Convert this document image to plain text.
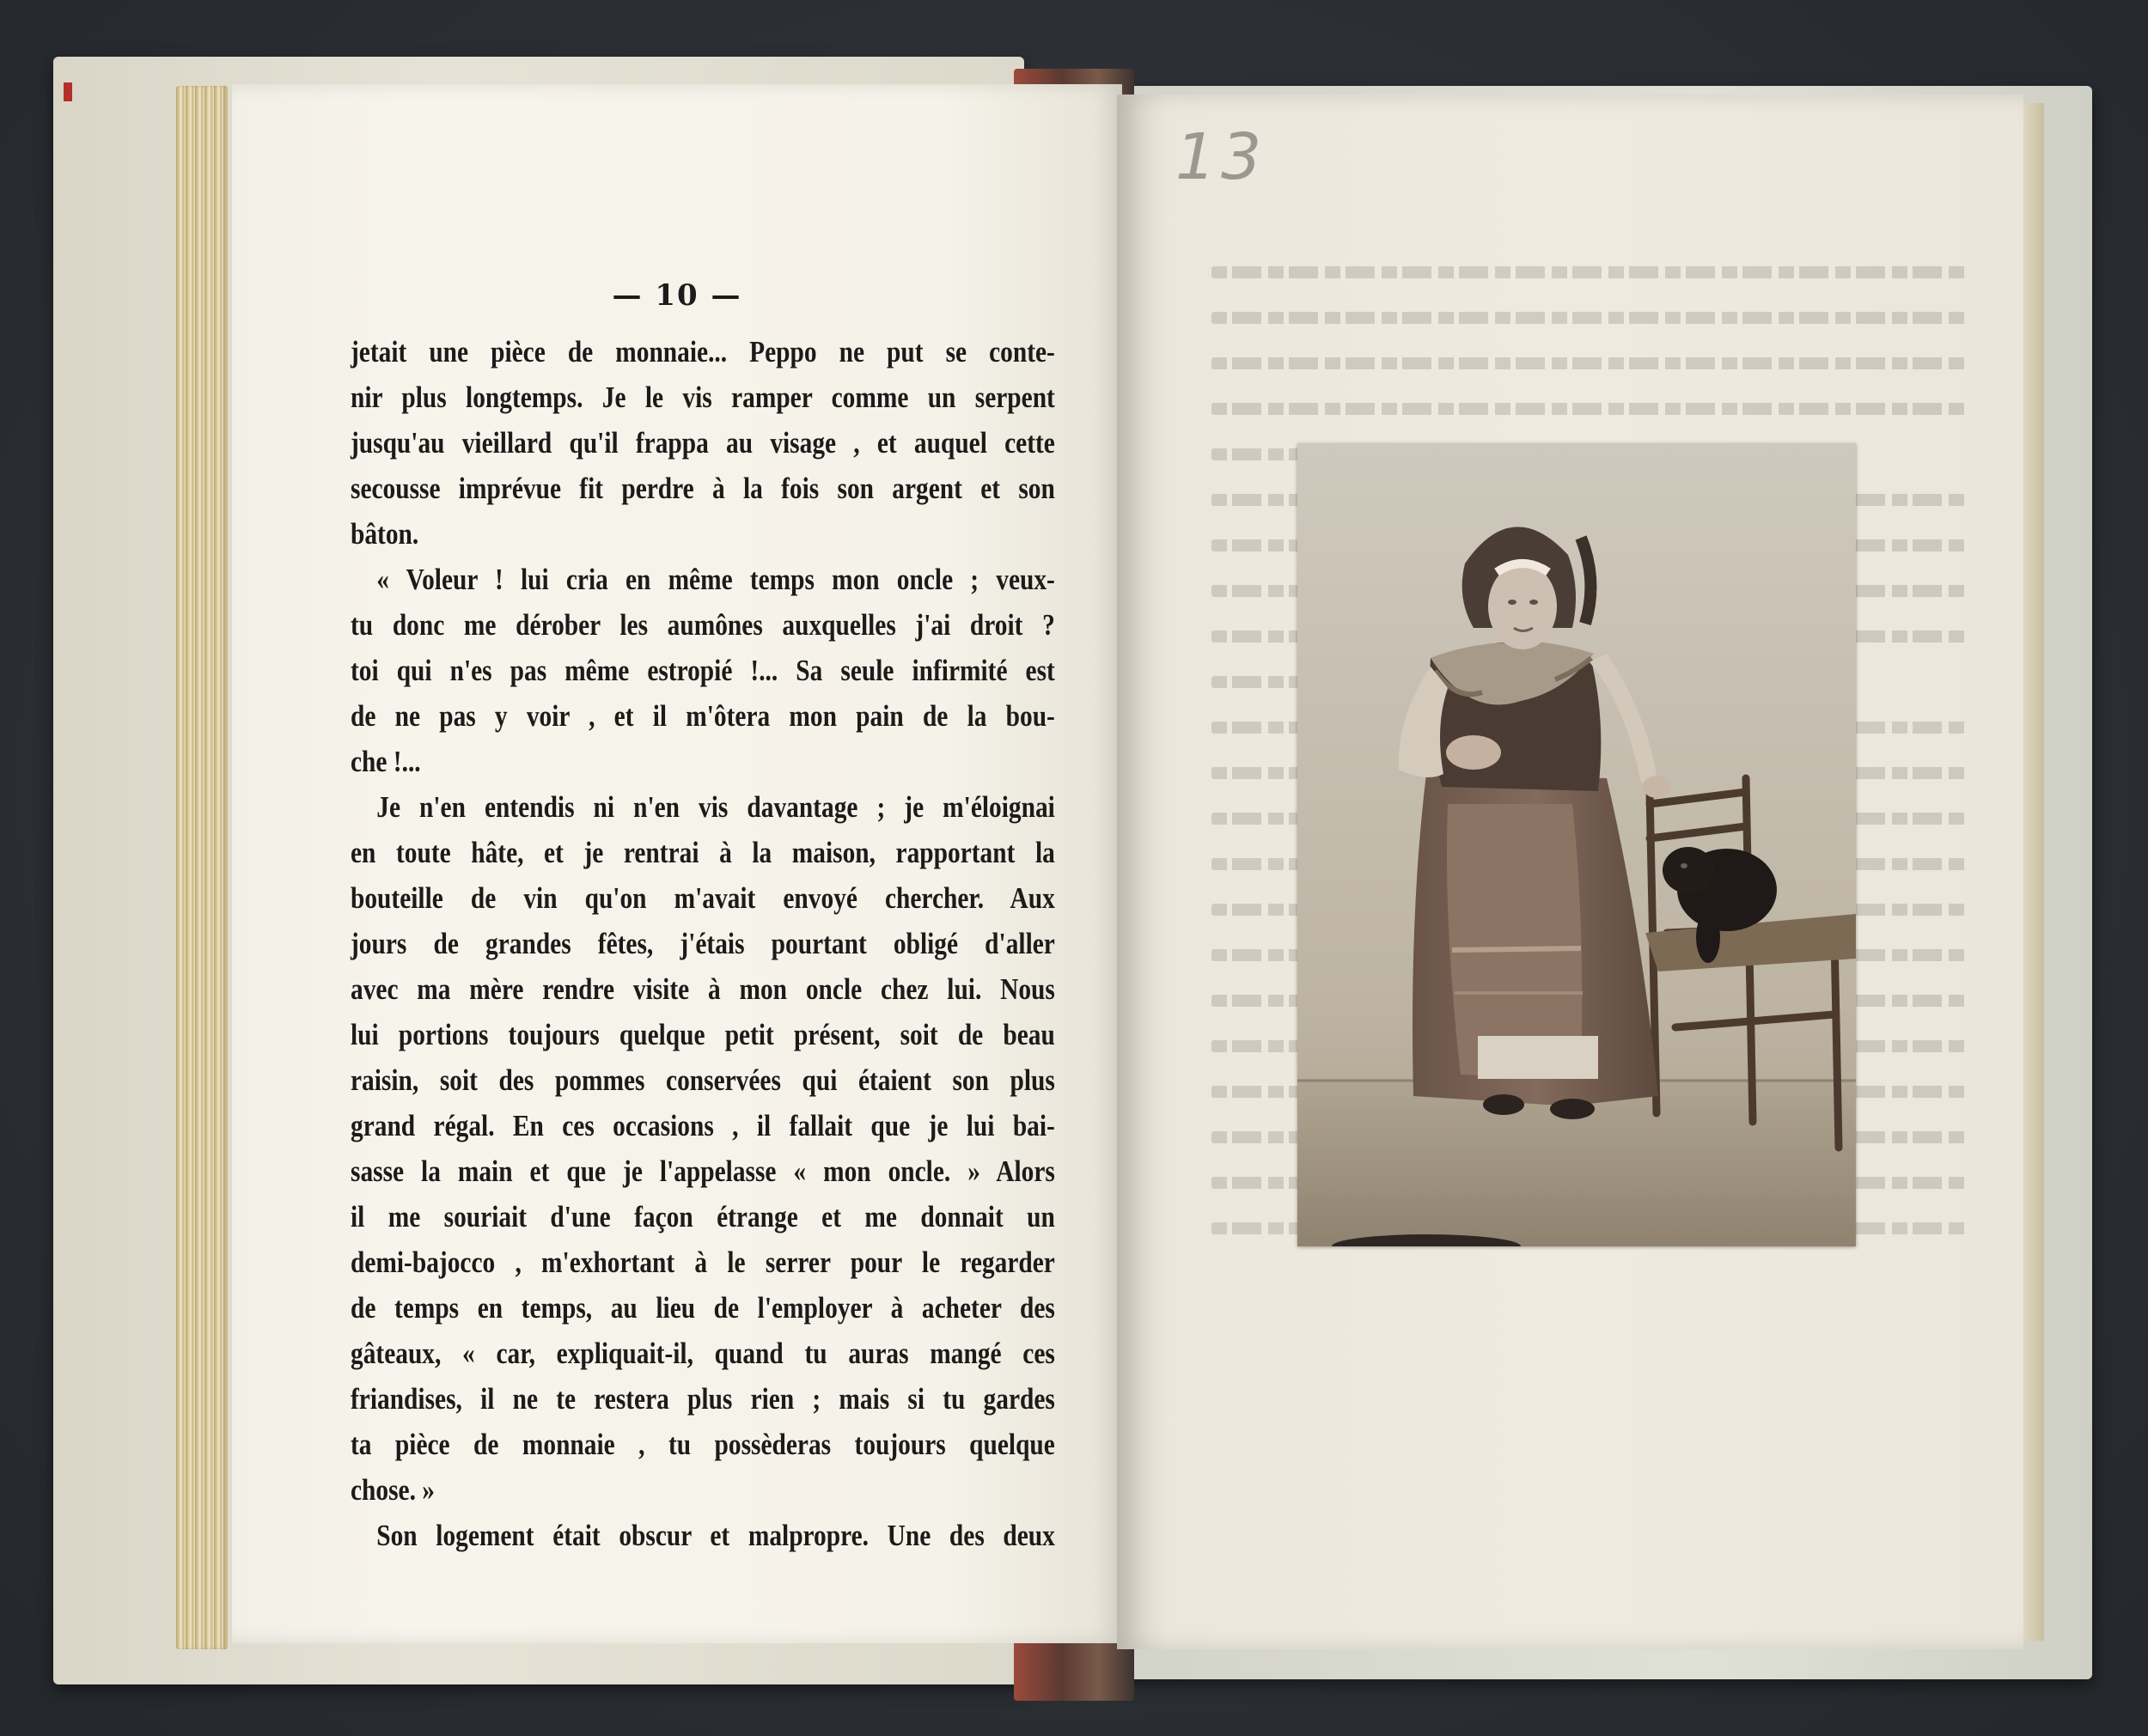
— 10 —
jetait une pièce de monnaie... Peppo ne put se conte-
nir plus longtemps. Je le vis ramper comme un serpent
jusqu'au vieillard qu'il frappa au visage , et auquel cette
secousse imprévue fit perdre à la fois son argent et son
bâton.
« Voleur ! lui cria en même temps mon oncle ; veux-
tu donc me dérober les aumônes auxquelles j'ai droit ?
toi qui n'es pas même estropié !... Sa seule infirmité est
de ne pas y voir , et il m'ôtera mon pain de la bou-
che !...
Je n'en entendis ni n'en vis davantage ; je m'éloignai
en toute hâte, et je rentrai à la maison, rapportant la
bouteille de vin qu'on m'avait envoyé chercher. Aux
jours de grandes fêtes, j'étais pourtant obligé d'aller
avec ma mère rendre visite à mon oncle chez lui. Nous
lui portions toujours quelque petit présent, soit de beau
raisin, soit des pommes conservées qui étaient son plus
grand régal. En ces occasions , il fallait que je lui bai-
sasse la main et que je l'appelasse « mon oncle. » Alors
il me souriait d'une façon étrange et me donnait un
demi-bajocco , m'exhortant à le serrer pour le regarder
de temps en temps, au lieu de l'employer à acheter des
gâteaux, « car, expliquait-il, quand tu auras mangé ces
friandises, il ne te restera plus rien ; mais si tu gardes
ta pièce de monnaie , tu possèderas toujours quelque
chose. »
Son logement était obscur et malpropre. Une des deux
13
